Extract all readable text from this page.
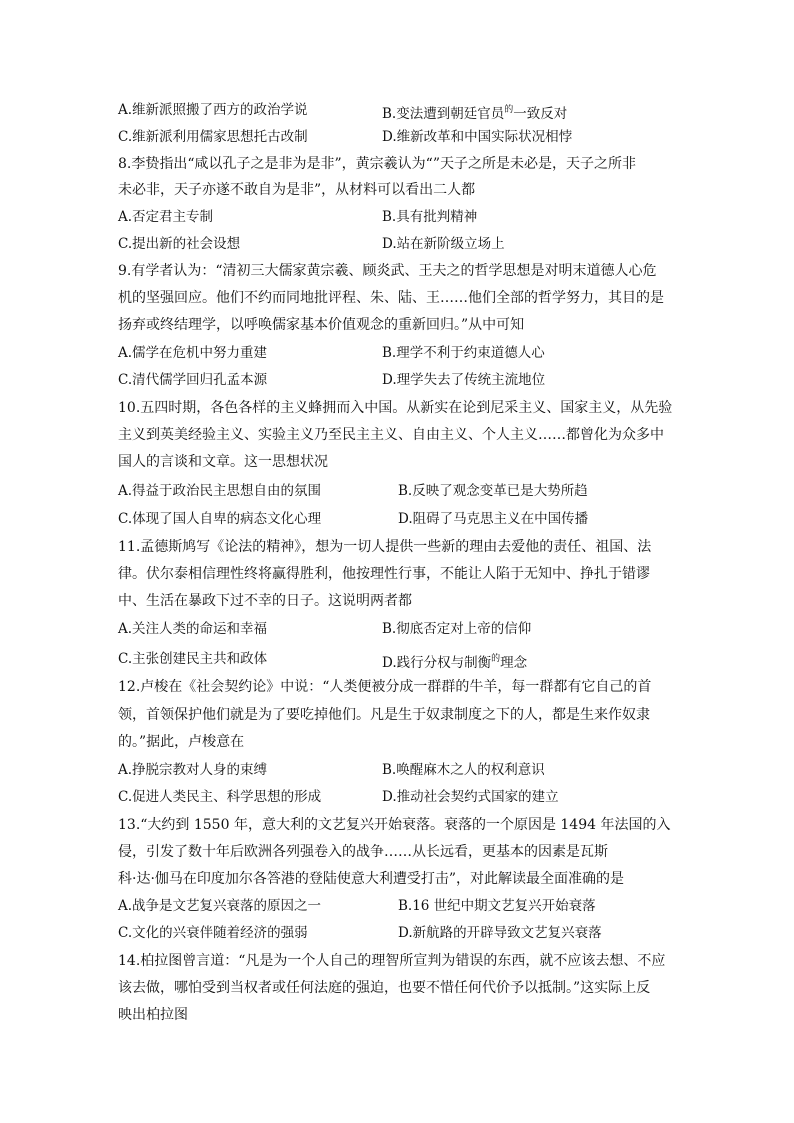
A.维新派照搬了西方的政治学说	B.变法遭到朝廷官员$^的$一致反对
C.维新派利用儒家思想托古改制	D.维新改革和中国实际状况相悖
8.李贽指出“咸以孔子之是非为是非”，黄宗羲认为“”天子之所是未必是，天子之所非
未必非，天子亦遂不敢自为是非”，从材料可以看出二人都
A.否定君主专制	B.具有批判精神
C.提出新的社会设想	D.站在新阶级立场上
9.有学者认为：“清初三大儒家黄宗羲、顾炎武、王夫之的哲学思想是对明末道德人心危
机的坚强回应。他们不约而同地批评程、朱、陆、王……他们全部的哲学努力，其目的是
扬弃或终结理学，以呼唤儒家基本价值观念的重新回归。”从中可知
A.儒学在危机中努力重建	B.理学不利于约束道德人心
C.清代儒学回归孔孟本源	D.理学失去了传统主流地位
10.五四时期，各色各样的主义蜂拥而入中国。从新实在论到尼采主义、国家主义，从先验
主义到英美经验主义、实验主义乃至民主主义、自由主义、个人主义……都曾化为众多中
国人的言谈和文章。这一思想状况
A.得益于政治民主思想自由的氛围	B.反映了观念变革已是大势所趋
C.体现了国人自卑的病态文化心理	D.阻碍了马克思主义在中国传播
11.孟德斯鸠写《论法的精神》，想为一切人提供一些新的理由去爱他的责任、祖国、法
律。伏尔泰相信理性终将赢得胜利，他按理性行事，不能让人陷于无知中、挣扎于错谬
中、生活在暴政下过不幸的日子。这说明两者都
A.关注人类的命运和幸福	B.彻底否定对上帝的信仰
C.主张创建民主共和政体	D.践行分权与制衡$^的$理念
12.卢梭在《社会契约论》中说：“人类便被分成一群群的牛羊，每一群都有它自己的首
领，首领保护他们就是为了要吃掉他们。凡是生于奴隶制度之下的人，都是生来作奴隶
的。”据此，卢梭意在
A.挣脱宗教对人身的束缚	B.唤醒麻木之人的权利意识
C.促进人类民主、科学思想的形成	D.推动社会契约式国家的建立
13.“大约到 1550 年，意大利的文艺复兴开始衰落。衰落的一个原因是 1494 年法国的入
侵，引发了数十年后欧洲各列强卷入的战争……从长远看，更基本的因素是瓦斯
科·达·伽马在印度加尔各答港的登陆使意大利遭受打击”，对此解读最全面准确的是
A.战争是文艺复兴衰落的原因之一	B.16 世纪中期文艺复兴开始衰落
C.文化的兴衰伴随着经济的强弱	D.新航路的开辟导致文艺复兴衰落
14.柏拉图曾言道：“凡是为一个人自己的理智所宣判为错误的东西，就不应该去想、不应
该去做，哪怕受到当权者或任何法庭的强迫，也要不惜任何代价予以抵制。”这实际上反
映出柏拉图
